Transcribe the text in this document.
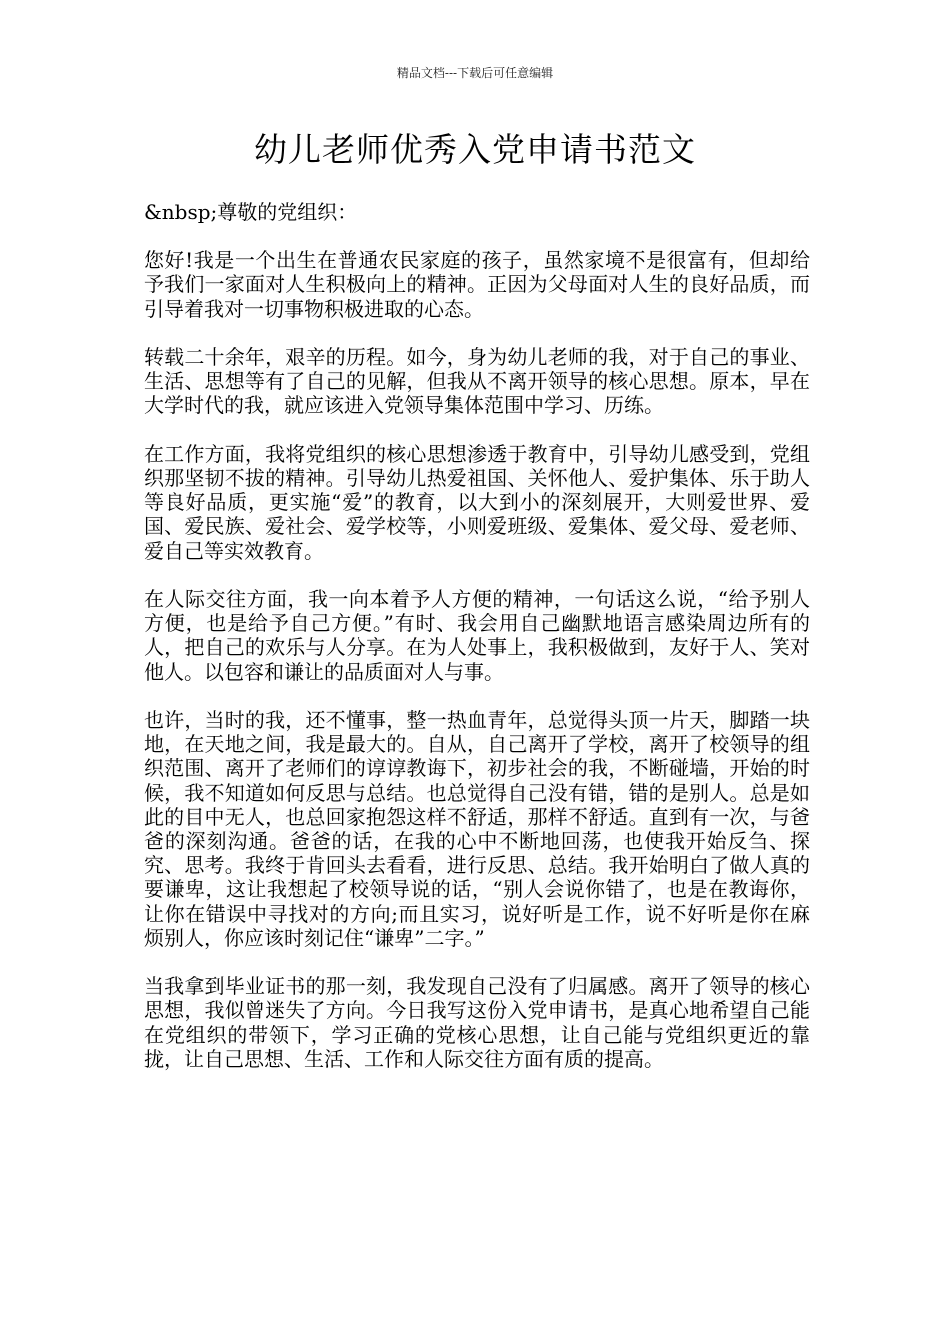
精品文档---下载后可任意编辑
幼儿老师优秀入党申请书范文

&nbsp;尊敬的党组织：

您好!我是一个出生在普通农民家庭的孩子，虽然家境不是很富有，但却给予我们一家面对人生积极向上的精神。正因为父母面对人生的良好品质，而引导着我对一切事物积极进取的心态。

转载二十余年，艰辛的历程。如今，身为幼儿老师的我，对于自己的事业、生活、思想等有了自己的见解，但我从不离开领导的核心思想。原本，早在大学时代的我，就应该进入党领导集体范围中学习、历练。

在工作方面，我将党组织的核心思想渗透于教育中，引导幼儿感受到，党组织那坚韧不拔的精神。引导幼儿热爱祖国、关怀他人、爱护集体、乐于助人等良好品质，更实施“爱”的教育，以大到小的深刻展开，大则爱世界、爱国、爱民族、爱社会、爱学校等，小则爱班级、爱集体、爱父母、爱老师、爱自己等实效教育。

在人际交往方面，我一向本着予人方便的精神，一句话这么说，“给予别人方便，也是给予自己方便。”有时、我会用自己幽默地语言感染周边所有的人，把自己的欢乐与人分享。在为人处事上，我积极做到，友好于人、笑对他人。以包容和谦让的品质面对人与事。

也许，当时的我，还不懂事，整一热血青年，总觉得头顶一片天，脚踏一块地，在天地之间，我是最大的。自从，自己离开了学校，离开了校领导的组织范围、离开了老师们的谆谆教诲下，初步社会的我，不断碰墙，开始的时候，我不知道如何反思与总结。也总觉得自己没有错，错的是别人。总是如此的目中无人，也总回家抱怨这样不舒适，那样不舒适。直到有一次，与爸爸的深刻沟通。爸爸的话，在我的心中不断地回荡，也使我开始反刍、探究、思考。我终于肯回头去看看，进行反思、总结。我开始明白了做人真的要谦卑，这让我想起了校领导说的话，“别人会说你错了，也是在教诲你，让你在错误中寻找对的方向;而且实习，说好听是工作，说不好听是你在麻烦别人，你应该时刻记住“谦卑”二字。”

当我拿到毕业证书的那一刻，我发现自己没有了归属感。离开了领导的核心思想，我似曾迷失了方向。今日我写这份入党申请书，是真心地希望自己能在党组织的带领下，学习正确的党核心思想，让自己能与党组织更近的靠拢，让自己思想、生活、工作和人际交往方面有质的提高。
